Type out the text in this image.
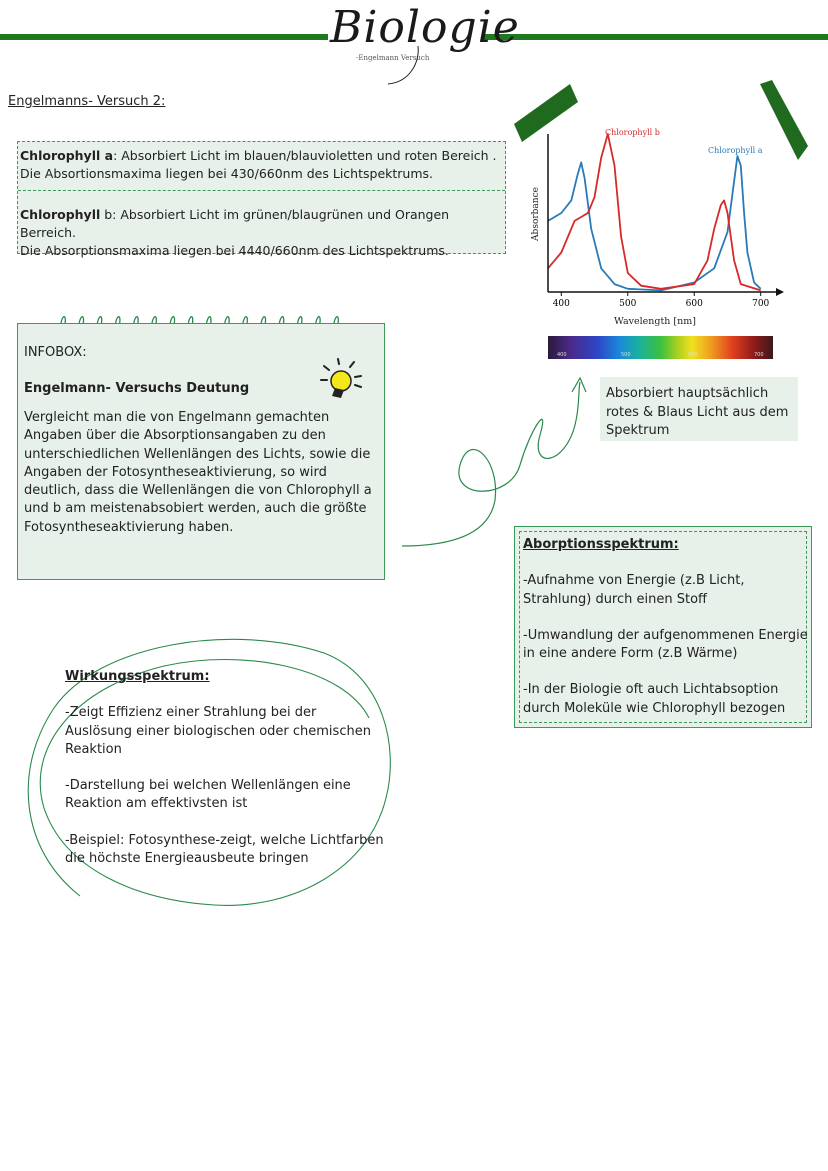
Biologie
-Engelmann Versuch
Engelmanns- Versuch 2:
Chlorophyll a: Absorbiert Licht im blauen/blauvioletten und roten Bereich .
Die Absortionsmaxima liegen bei 430/660nm des Lichtspektrums.
Chlorophyll b: Absorbiert Licht im grünen/blaugrünen und Orangen Berreich.
Die Absorptionsmaxima liegen bei 4440/660nm des Lichtspektrums.
400	500	600	700
Absorbance
Wavelength [nm]
Chlorophyll b
Chlorophyll a
400	500	600	700
Absorbiert hauptsächlich rotes & Blaus Licht aus dem Spektrum
INFOBOX:
Engelmann- Versuchs Deutung
Vergleicht man die von Engelmann gemachten Angaben über die Absorptionsangaben zu den unterschiedlichen Wellenlängen des Lichts, sowie die Angaben der Fotosyntheseaktivierung, so wird deutlich, dass die Wellenlängen die von Chlorophyll a und b am meistenabsobiert werden, auch die größte Fotosyntheseaktivierung haben.

Aborptionsspektrum:

-Aufnahme von Energie (z.B Licht, Strahlung) durch einen Stoff

-Umwandlung der aufgenommenen Energie in eine andere Form (z.B Wärme)

-In der Biologie oft auch Lichtabsoption durch Moleküle wie Chlorophyll bezogen

Wirkungsspektrum:

-Zeigt Effizienz einer Strahlung bei der Auslösung einer biologischen oder chemischen Reaktion

-Darstellung bei welchen Wellenlängen eine Reaktion am effektivsten ist

-Beispiel: Fotosynthese-zeigt, welche Lichtfarben die höchste Energieausbeute bringen
